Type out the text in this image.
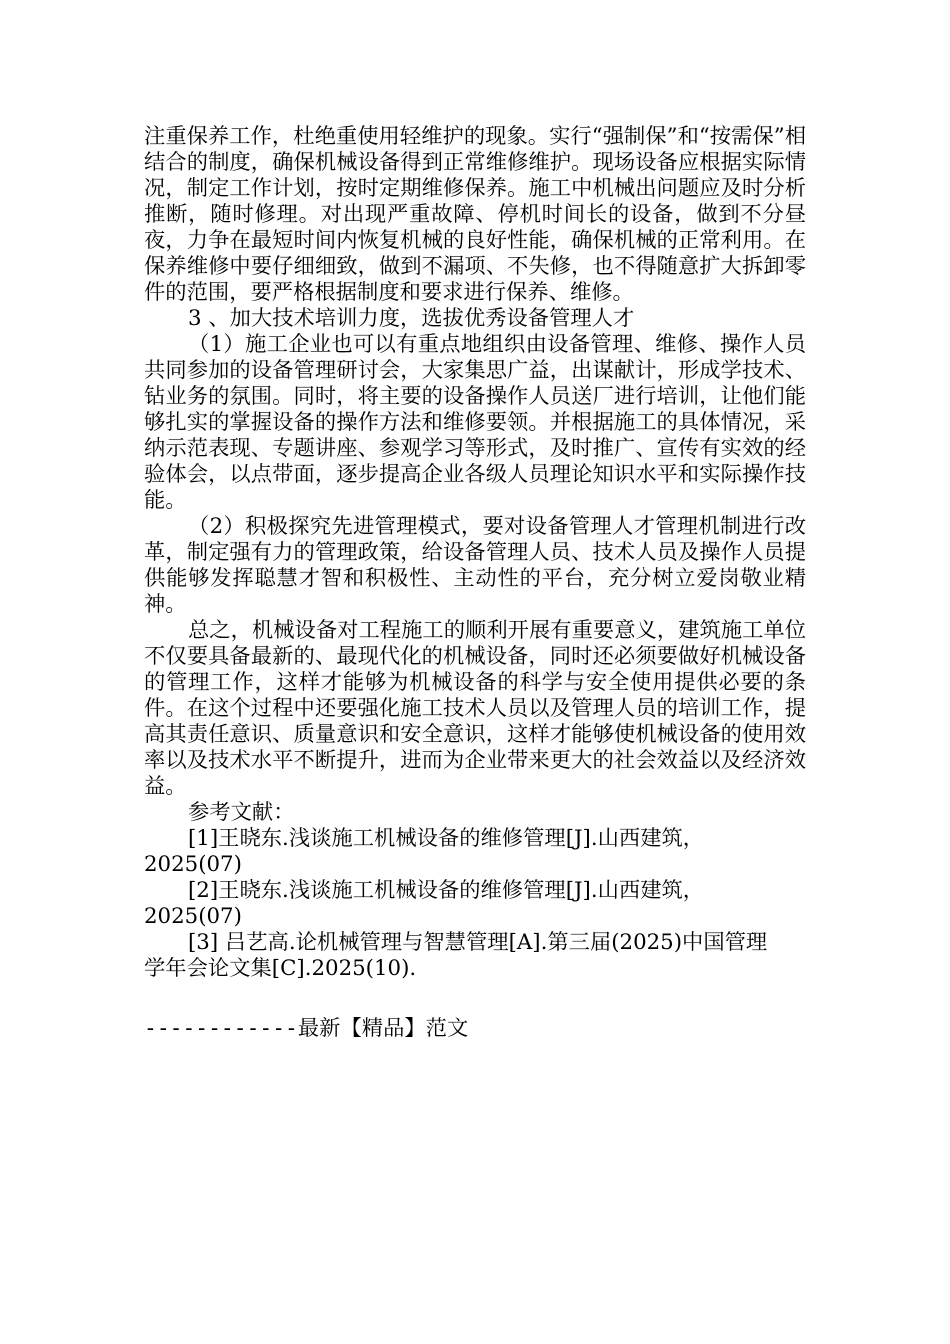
注重保养工作，杜绝重使用轻维护的现象。实行“强制保”和“按需保”相结合的制度，确保机械设备得到正常维修维护。现场设备应根据实际情况，制定工作计划，按时定期维修保养。施工中机械出问题应及时分析推断，随时修理。对出现严重故障、停机时间长的设备，做到不分昼夜，力争在最短时间内恢复机械的良好性能，确保机械的正常利用。在保养维修中要仔细细致，做到不漏项、不失修，也不得随意扩大拆卸零件的范围，要严格根据制度和要求进行保养、维修。

3 、加大技术培训力度，选拔优秀设备管理人才

（1）施工企业也可以有重点地组织由设备管理、维修、操作人员共同参加的设备管理研讨会，大家集思广益，出谋献计，形成学技术、钻业务的氛围。同时，将主要的设备操作人员送厂进行培训，让他们能够扎实的掌握设备的操作方法和维修要领。并根据施工的具体情况，采纳示范表现、专题讲座、参观学习等形式，及时推广、宣传有实效的经验体会，以点带面，逐步提高企业各级人员理论知识水平和实际操作技能。

（2）积极探究先进管理模式，要对设备管理人才管理机制进行改革，制定强有力的管理政策，给设备管理人员、技术人员及操作人员提供能够发挥聪慧才智和积极性、主动性的平台，充分树立爱岗敬业精神。

总之，机械设备对工程施工的顺利开展有重要意义，建筑施工单位不仅要具备最新的、最现代化的机械设备，同时还必须要做好机械设备的管理工作，这样才能够为机械设备的科学与安全使用提供必要的条件。在这个过程中还要强化施工技术人员以及管理人员的培训工作，提高其责任意识、质量意识和安全意识，这样才能够使机械设备的使用效率以及技术水平不断提升，进而为企业带来更大的社会效益以及经济效益。

参考文献：

[1]王晓东.浅谈施工机械设备的维修管理[J].山西建筑，
2025(07)
[2]王晓东.浅谈施工机械设备的维修管理[J].山西建筑，
2025(07)
[3] 吕艺高.论机械管理与智慧管理[A].第三届(2025)中国管理
学年会论文集[C].2025(10).
------------最新【精品】范文
